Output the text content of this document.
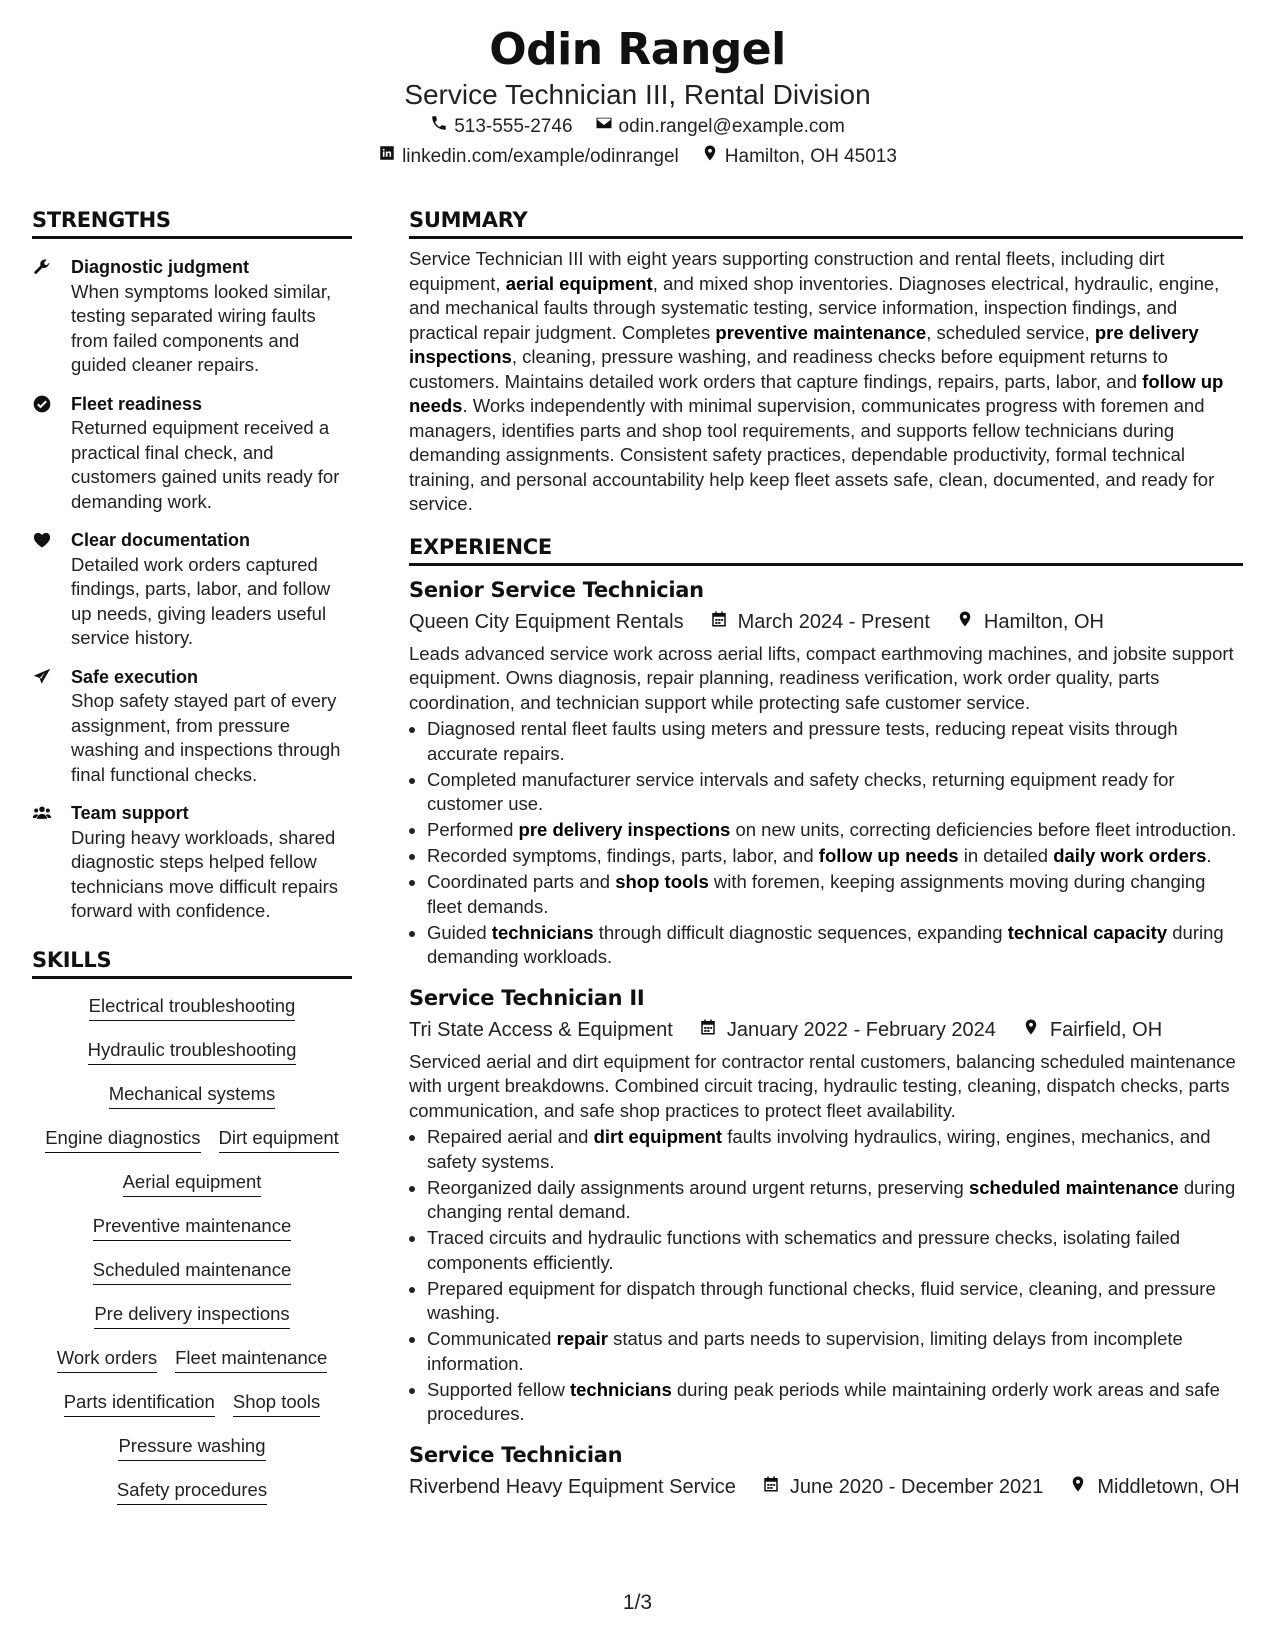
Odin Rangel
Service Technician III, Rental Division
513-555-2746 odin.rangel@example.com
linkedin.com/example/odinrangel Hamilton, OH 45013
STRENGTHS
Diagnostic judgment
When symptoms looked similar, testing separated wiring faults from failed components and guided cleaner repairs.
Fleet readiness
Returned equipment received a practical final check, and customers gained units ready for demanding work.
Clear documentation
Detailed work orders captured findings, parts, labor, and follow up needs, giving leaders useful service history.
Safe execution
Shop safety stayed part of every assignment, from pressure washing and inspections through final functional checks.
Team support
During heavy workloads, shared diagnostic steps helped fellow technicians move difficult repairs forward with confidence.
SKILLS
Electrical troubleshooting
Hydraulic troubleshooting
Mechanical systems
Engine diagnostics Dirt equipment
Aerial equipment
Preventive maintenance
Scheduled maintenance
Pre delivery inspections
Work orders Fleet maintenance
Parts identification Shop tools
Pressure washing
Safety procedures
SUMMARY
Service Technician III with eight years supporting construction and rental fleets, including dirt equipment, aerial equipment, and mixed shop inventories. Diagnoses electrical, hydraulic, engine, and mechanical faults through systematic testing, service information, inspection findings, and practical repair judgment. Completes preventive maintenance, scheduled service, pre delivery inspections, cleaning, pressure washing, and readiness checks before equipment returns to customers. Maintains detailed work orders that capture findings, repairs, parts, labor, and follow up needs. Works independently with minimal supervision, communicates progress with foremen and managers, identifies parts and shop tool requirements, and supports fellow technicians during demanding assignments. Consistent safety practices, dependable productivity, formal technical training, and personal accountability help keep fleet assets safe, clean, documented, and ready for service.
EXPERIENCE
Senior Service Technician
Queen City Equipment Rentals	March 2024 - Present	Hamilton, OH
Leads advanced service work across aerial lifts, compact earthmoving machines, and jobsite support equipment. Owns diagnosis, repair planning, readiness verification, work order quality, parts coordination, and technician support while protecting safe customer service.
• Diagnosed rental fleet faults using meters and pressure tests, reducing repeat visits through accurate repairs.
• Completed manufacturer service intervals and safety checks, returning equipment ready for customer use.
• Performed pre delivery inspections on new units, correcting deficiencies before fleet introduction.
• Recorded symptoms, findings, parts, labor, and follow up needs in detailed daily work orders.
• Coordinated parts and shop tools with foremen, keeping assignments moving during changing fleet demands.
• Guided technicians through difficult diagnostic sequences, expanding technical capacity during demanding workloads.
Service Technician II
Tri State Access & Equipment	January 2022 - February 2024	Fairfield, OH
Serviced aerial and dirt equipment for contractor rental customers, balancing scheduled maintenance with urgent breakdowns. Combined circuit tracing, hydraulic testing, cleaning, dispatch checks, parts communication, and safe shop practices to protect fleet availability.
• Repaired aerial and dirt equipment faults involving hydraulics, wiring, engines, mechanics, and safety systems.
• Reorganized daily assignments around urgent returns, preserving scheduled maintenance during changing rental demand.
• Traced circuits and hydraulic functions with schematics and pressure checks, isolating failed components efficiently.
• Prepared equipment for dispatch through functional checks, fluid service, cleaning, and pressure washing.
• Communicated repair status and parts needs to supervision, limiting delays from incomplete information.
• Supported fellow technicians during peak periods while maintaining orderly work areas and safe procedures.
Service Technician
Riverbend Heavy Equipment Service	June 2020 - December 2021	Middletown, OH
1/3
